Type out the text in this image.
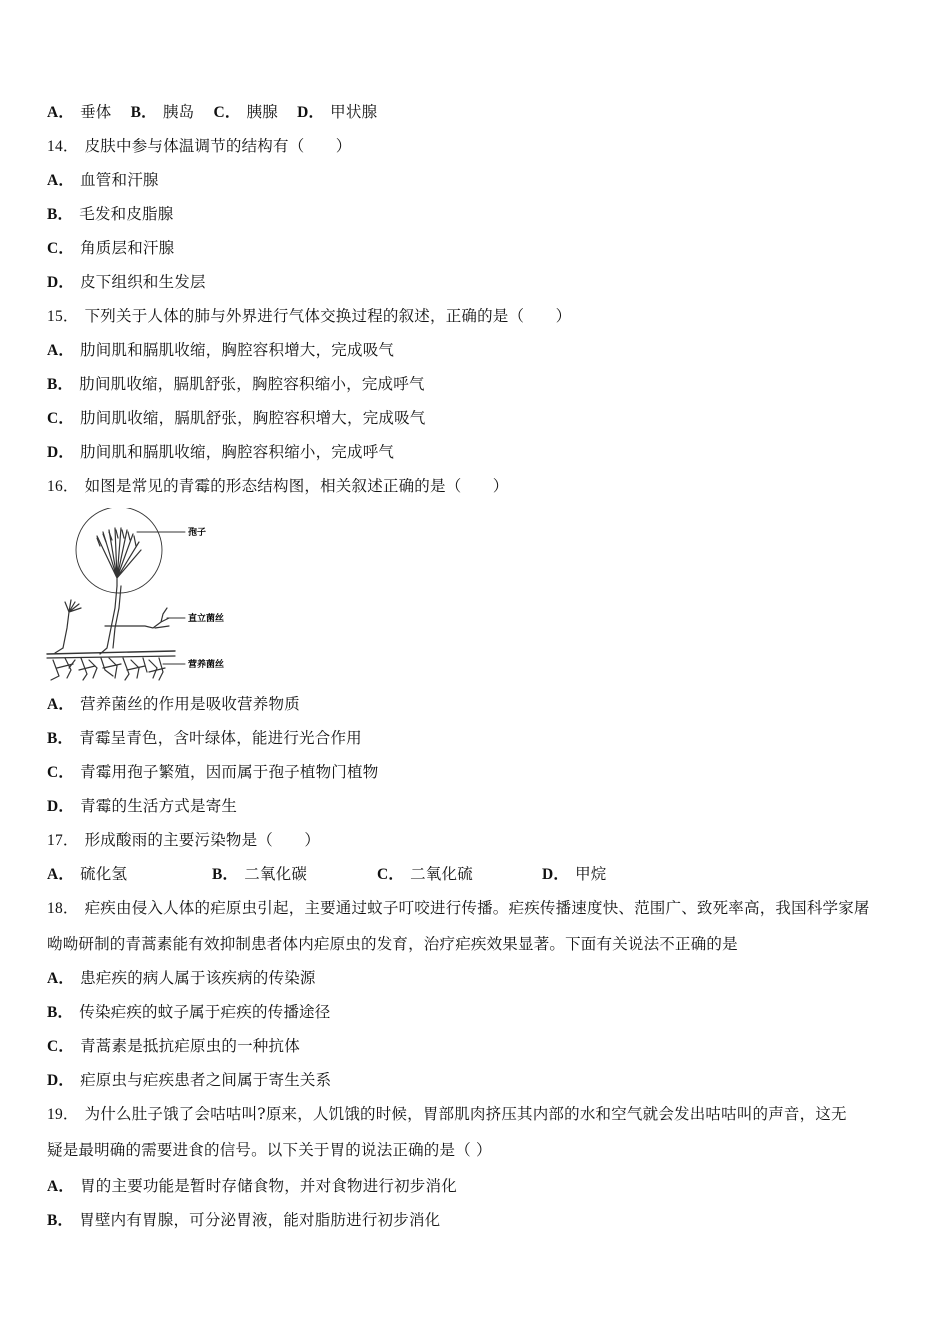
A． 垂体 B． 胰岛 C． 胰腺 D． 甲状腺
14． 皮肤中参与体温调节的结构有（　　）
A． 血管和汗腺
B． 毛发和皮脂腺
C． 角质层和汗腺
D． 皮下组织和生发层
15． 下列关于人体的肺与外界进行气体交换过程的叙述，正确的是（　　）
A． 肋间肌和膈肌收缩，胸腔容积增大，完成吸气
B． 肋间肌收缩，膈肌舒张，胸腔容积缩小，完成呼气
C． 肋间肌收缩，膈肌舒张，胸腔容积增大，完成吸气
D． 肋间肌和膈肌收缩，胸腔容积缩小，完成呼气
16． 如图是常见的青霉的形态结构图，相关叙述正确的是（　　）
孢子
直立菌丝
营养菌丝
A． 营养菌丝的作用是吸收营养物质
B． 青霉呈青色，含叶绿体，能进行光合作用
C． 青霉用孢子繁殖，因而属于孢子植物门植物
D． 青霉的生活方式是寄生
17． 形成酸雨的主要污染物是（　　）
A． 硫化氢	B． 二氧化碳	C． 二氧化硫	D． 甲烷
18． 疟疾由侵入人体的疟原虫引起，主要通过蚊子叮咬进行传播。疟疾传播速度快、范围广、致死率高，我国科学家屠
呦呦研制的青蒿素能有效抑制患者体内疟原虫的发育，治疗疟疾效果显著。下面有关说法不正确的是
A． 患疟疾的病人属于该疾病的传染源
B． 传染疟疾的蚊子属于疟疾的传播途径
C． 青蒿素是抵抗疟原虫的一种抗体
D． 疟原虫与疟疾患者之间属于寄生关系
19． 为什么肚子饿了会咕咕叫?原来，人饥饿的时候，胃部肌肉挤压其内部的水和空气就会发出咕咕叫的声音，这无
疑是最明确的需要进食的信号。以下关于胃的说法正确的是（ ）
A． 胃的主要功能是暂时存储食物，并对食物进行初步消化
B． 胃壁内有胃腺，可分泌胃液，能对脂肪进行初步消化
